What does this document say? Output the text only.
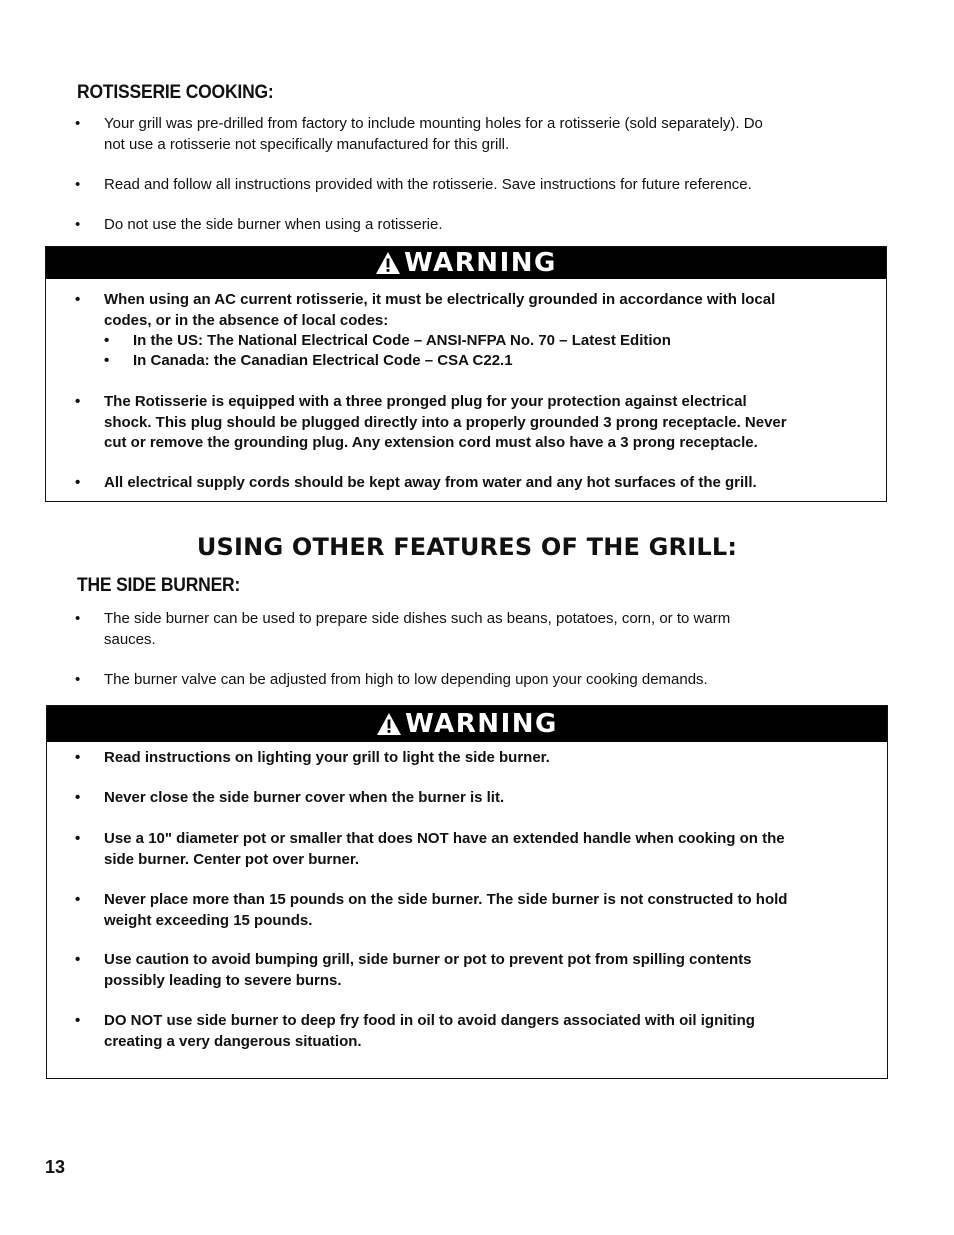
ROTISSERIE COOKING:
• Your grill was pre-drilled from factory to include mounting holes for a rotisserie (sold separately). Do
not use a rotisserie not specifically manufactured for this grill.
• Read and follow all instructions provided with the rotisserie. Save instructions for future reference.
• Do not use the side burner when using a rotisserie.
WARNING
• When using an AC current rotisserie, it must be electrically grounded in accordance with local
codes, or in the absence of local codes:
• In the US: The National Electrical Code – ANSI-NFPA No. 70 – Latest Edition
• In Canada: the Canadian Electrical Code – CSA C22.1
• The Rotisserie is equipped with a three pronged plug for your protection against electrical
shock. This plug should be plugged directly into a properly grounded 3 prong receptacle. Never
cut or remove the grounding plug. Any extension cord must also have a 3 prong receptacle.
• All electrical supply cords should be kept away from water and any hot surfaces of the grill.
USING OTHER FEATURES OF THE GRILL:
THE SIDE BURNER:
• The side burner can be used to prepare side dishes such as beans, potatoes, corn, or to warm
sauces.
• The burner valve can be adjusted from high to low depending upon your cooking demands.
WARNING
• Read instructions on lighting your grill to light the side burner.
• Never close the side burner cover when the burner is lit.
• Use a 10" diameter pot or smaller that does NOT have an extended handle when cooking on the
side burner. Center pot over burner.
• Never place more than 15 pounds on the side burner. The side burner is not constructed to hold
weight exceeding 15 pounds.
• Use caution to avoid bumping grill, side burner or pot to prevent pot from spilling contents
possibly leading to severe burns.
• DO NOT use side burner to deep fry food in oil to avoid dangers associated with oil igniting
creating a very dangerous situation.
13
